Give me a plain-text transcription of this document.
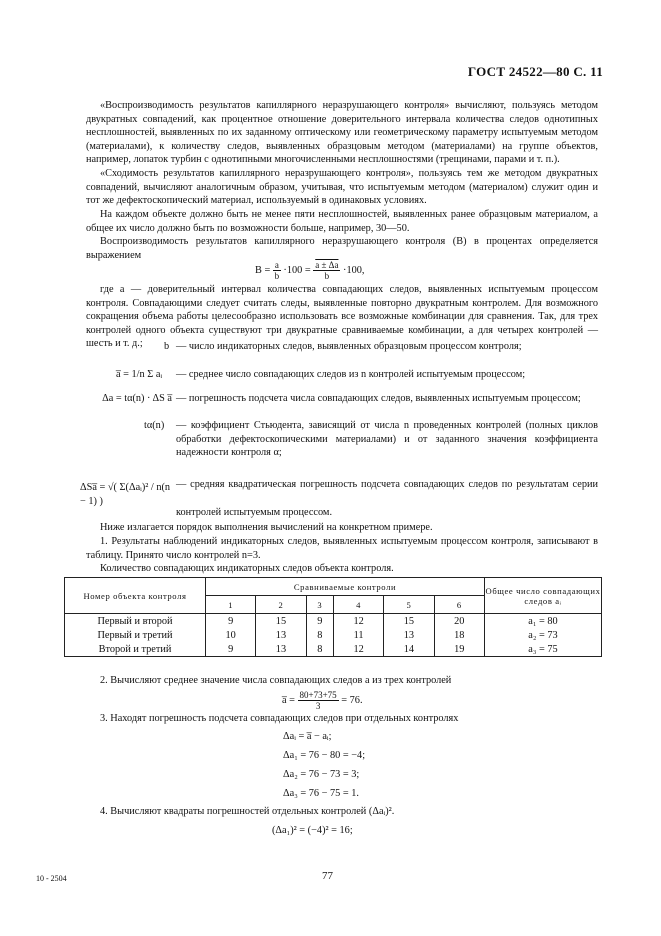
ГОСТ 24522—80 С. 11

«Воспроизводимость результатов капиллярного неразрушающего контроля» вычисляют, пользуясь методом двукратных совпадений, как процентное отношение доверительного интервала количества следов однотипных несплошностей, выявленных по их заданному оптическому или геометрическому параметру испытуемым методом (материалами), к количеству следов, выявленных образцовым методом (материалами) на группе объектов, например, лопаток турбин с однотипными многочисленными несплошностями (трещинами, парами и т. п.).

«Сходимость результатов капиллярного неразрушающего контроля», пользуясь тем же методом двукратных совпадений, вычисляют аналогичным образом, учитывая, что испытуемым методом (материалом) служит один и тот же дефектоскопический материал, используемый в одинаковых условиях.

На каждом объекте должно быть не менее пяти несплошностей, выявленных ранее образцовым материалом, а общее их число должно быть по возможности больше, например, 30—50.

Воспроизводимость результатов капиллярного неразрушающего контроля (В) в процентах определяется выражением

$B = \frac{a}{b} \cdot 100 = \frac{a \pm \Delta a}{b} \cdot 100$,

где а — доверительный интервал количества совпадающих следов, выявленных испытуемым процессом контроля. Совпадающими следует считать следы, выявленные повторно двукратным контролем. Для возможного сокращения объема работы целесообразно использовать все возможные комбинации для сравнения. Так, для трех контролей одного объекта существуют три двукратные сравниваемые комбинации, а для четырех контролей — шесть и т. д.;	b — число индикаторных следов, выявленных образцовым процессом контроля;
a̅ = 1/n Σ aᵢ — среднее число совпадающих следов из n контролей испытуемым процессом;
Δa = tα(n) · ΔS a̅ — погрешность подсчета числа совпадающих следов, выявленных испытуемым процессом;
tα(n) — коэффициент Стьюдента, зависящий от числа n проведенных контролей (полных циклов обработки дефектоскопическими материалами) и от заданного значения коэффициента надежности контроля α;
ΔSa̅ = √( Σ(Δaᵢ)² / n(n − 1) )
— средняя квадратическая погрешность подсчета совпадающих следов по результатам серии контролей испытуемым процессом.

Ниже излагается порядок выполнения вычислений на конкретном примере.

1. Результаты наблюдений индикаторных следов, выявленных испытуемым процессом контроля, записывают в таблицу. Принято число контролей n=3.

Количество совпадающих индикаторных следов объекта контроля.

Номер объекта контроля	Сравниваемые контроли						Общее число совпадающих следов aᵢ
	1	2	3	4	5	6	
Первый и второй	9	15	9	12	15	20	a₁ = 80
Первый и третий	10	13	8	11	13	18	a₂ = 73
Второй и третий	9	13	8	12	14	19	a₃ = 75

2. Вычисляют среднее значение числа совпадающих следов a из трех контролей

a̅ = $\frac{80+73+75}{3} = 76$.

3. Находят погрешность подсчета совпадающих следов при отдельных контролях

Δaᵢ = a̅ − aᵢ;
Δa₁ = 76 − 80 = −4;
Δa₂ = 76 − 73 = 3;
Δa₃ = 76 − 75 = 1.

4. Вычисляют квадраты погрешностей отдельных контролей (Δaᵢ)².

(Δa₁)² = (−4)² = 16;
10 - 2504	77
